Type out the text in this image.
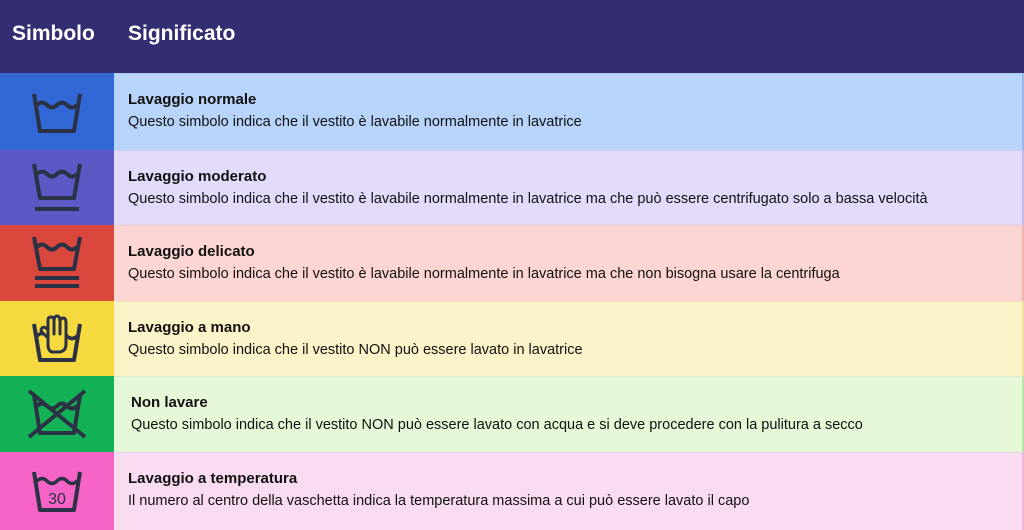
Simbolo Significato
Lavaggio normale
Questo simbolo indica che il vestito è lavabile normalmente in lavatrice
Lavaggio moderato
Questo simbolo indica che il vestito è lavabile normalmente in lavatrice ma che può essere centrifugato solo a bassa velocità
Lavaggio delicato
Questo simbolo indica che il vestito è lavabile normalmente in lavatrice ma che non bisogna usare la centrifuga
Lavaggio a mano
Questo simbolo indica che il vestito NON può essere lavato in lavatrice
Non lavare
Questo simbolo indica che il vestito NON può essere lavato con acqua e si deve procedere con la pulitura a secco
30
Lavaggio a temperatura
Il numero al centro della vaschetta indica la temperatura massima a cui può essere lavato il capo
